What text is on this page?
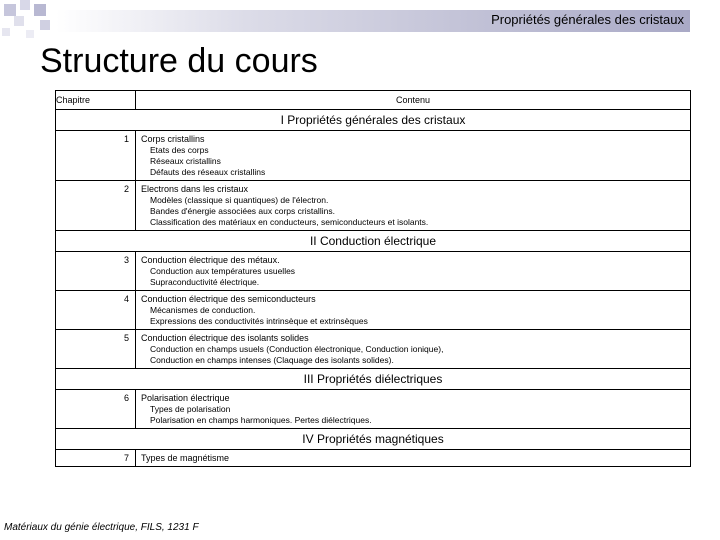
Propriétés générales des cristaux
Structure du cours
Chapitre	Contenu
I Propriétés générales des cristaux	
1	Corps cristallins
Etats des corps
Réseaux cristallins
Défauts des réseaux cristallins

2	Electrons dans les cristaux
Modèles (classique si quantiques) de l'électron.
Bandes d'énergie associées aux corps cristallins.
Classification des matériaux en conducteurs, semiconducteurs et isolants.

II Conduction électrique	
3	Conduction électrique des métaux.
Conduction aux températures usuelles
Supraconductivité électrique.

4	Conduction électrique des semiconducteurs
Mécanismes de conduction.
Expressions des conductivités intrinsèque et extrinsèques

5	Conduction électrique des isolants solides
Conduction en champs usuels (Conduction électronique, Conduction ionique),
Conduction en champs intenses (Claquage des isolants solides).

III Propriétés diélectriques	
6	Polarisation électrique
Types de polarisation
Polarisation en champs harmoniques. Pertes diélectriques.

IV Propriétés magnétiques	
7	Types de magnétisme
Matériaux du génie électrique, FILS, 1231 F
